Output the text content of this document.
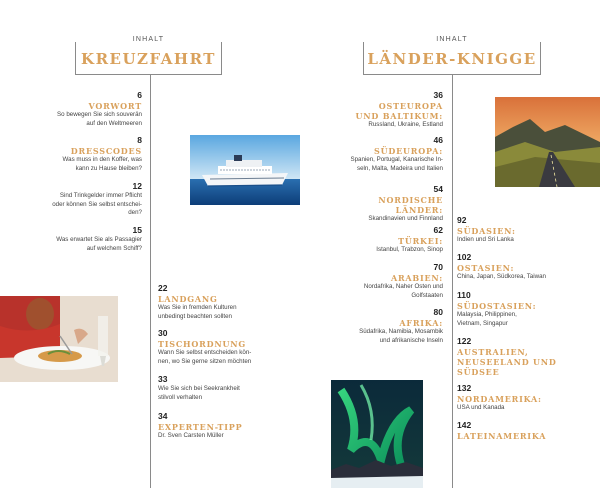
INHALT
KREUZFAHRT
6
VORWORT
So bewegen Sie sich souverän
auf den Weltmeeren
8
DRESSCODES
Was muss in den Koffer, was
kann zu Hause bleiben?
12
Sind Trinkgelder immer Pflicht
oder können Sie selbst entschei-
den?
15
Was erwartet Sie als Passagier
auf welchem Schiff?
22
LANDGANG
Was Sie in fremden Kulturen
unbedingt beachten sollten
30
TISCHORDNUNG
Wann Sie selbst entscheiden kön-
nen, wo Sie gerne sitzen möchten
33
Wie Sie sich bei Seekrankheit
stilvoll verhalten
34
EXPERTEN-TIPP
Dr. Sven Carsten Müller
INHALT
LÄNDER-KNIGGE
36
OSTEUROPA
UND BALTIKUM:
Russland, Ukraine, Estland
46
SÜDEUROPA:
Spanien, Portugal, Kanarische In-
seln, Malta, Madeira und Italien
54
NORDISCHE LÄNDER:
Skandinavien und Finnland
62
TÜRKEI:
Istanbul, Trabzon, Sinop
70
ARABIEN:
Nordafrika, Naher Osten und
Golfstaaten
80
AFRIKA:
Südafrika, Namibia, Mosambik
und afrikanische Inseln
92
SÜDASIEN:
Indien und Sri Lanka
102
OSTASIEN:
China, Japan, Südkorea, Taiwan
110
SÜDOSTASIEN:
Malaysia, Philippinen,
Vietnam, Singapur
122
AUSTRALIEN,
NEUSEELAND UND
SÜDSEE
132
NORDAMERIKA:
USA und Kanada
142
LATEINAMERIKA
